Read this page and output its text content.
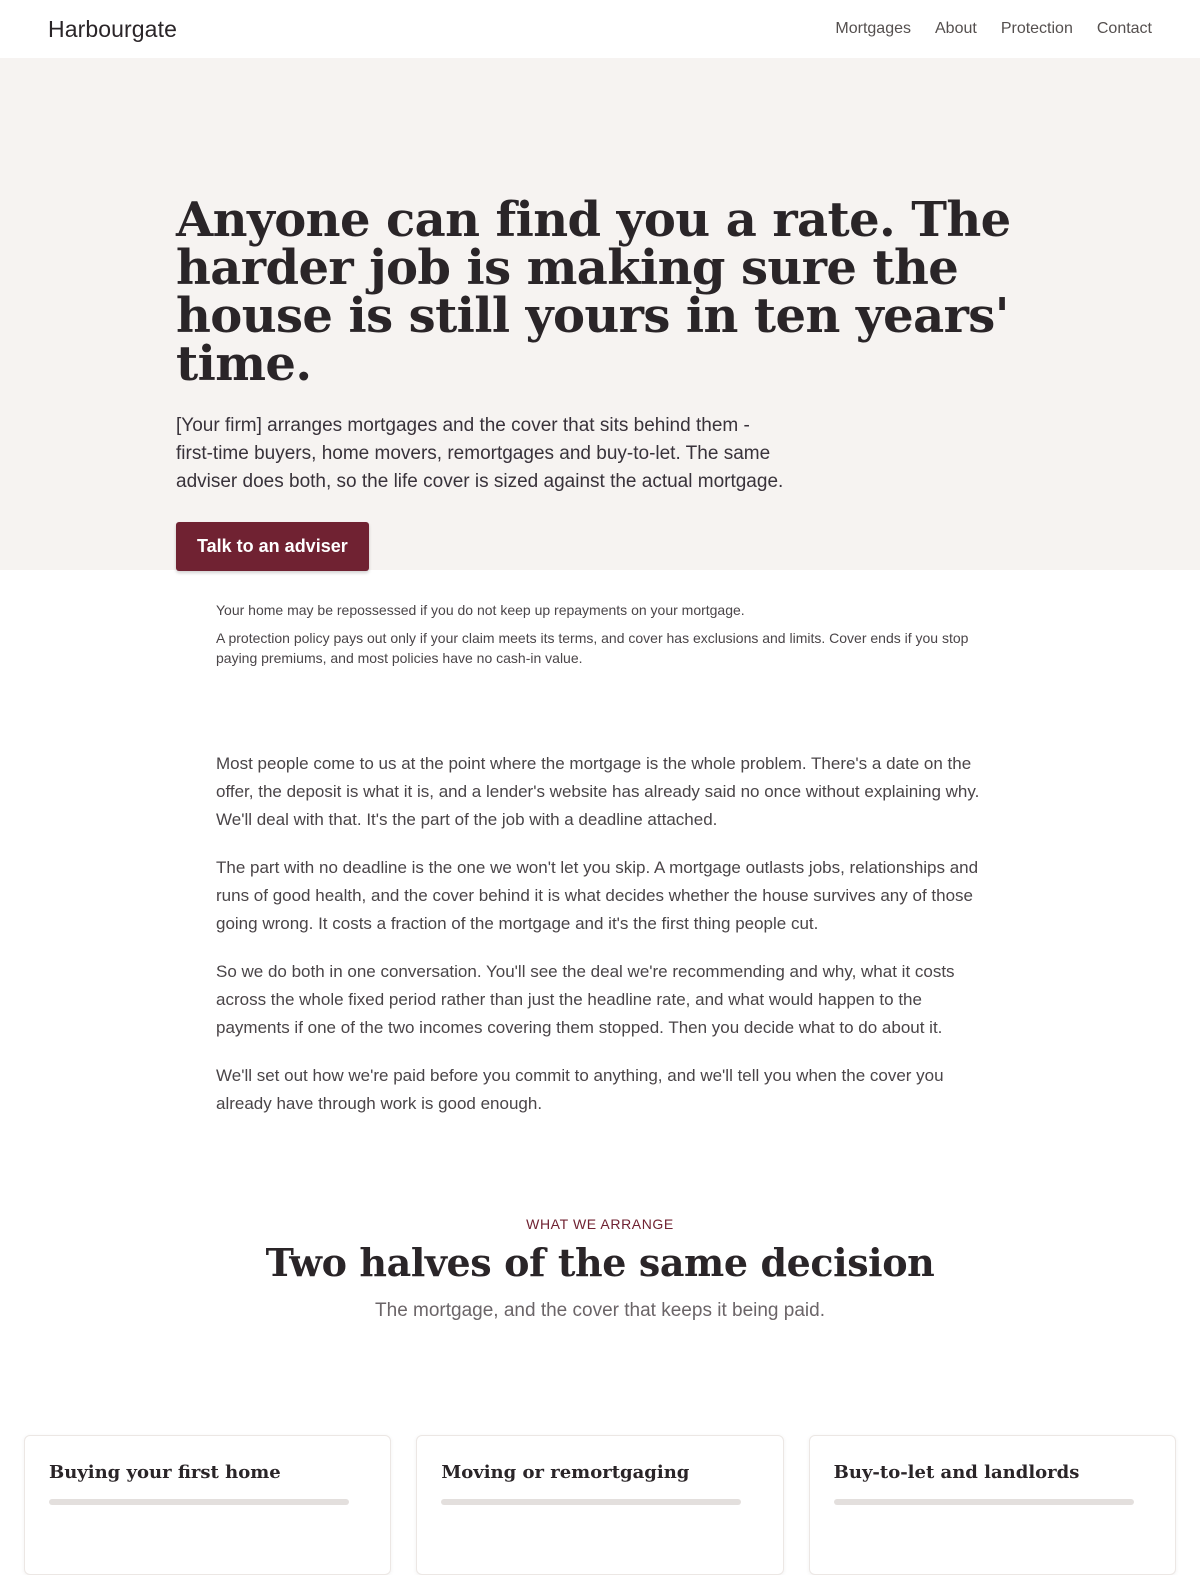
Harbourgate	Mortgages About Protection Contact
Anyone can find you a rate. The harder job is making sure the house is still yours in ten years' time.

[Your firm] arranges mortgages and the cover that sits behind them - first-time buyers, home movers, remortgages and buy-to-let. The same adviser does both, so the life cover is sized against the actual mortgage.

Talk to an adviser

Your home may be repossessed if you do not keep up repayments on your mortgage.

A protection policy pays out only if your claim meets its terms, and cover has exclusions and limits. Cover ends if you stop paying premiums, and most policies have no cash-in value.

Most people come to us at the point where the mortgage is the whole problem. There's a date on the offer, the deposit is what it is, and a lender's website has already said no once without explaining why. We'll deal with that. It's the part of the job with a deadline attached.

The part with no deadline is the one we won't let you skip. A mortgage outlasts jobs, relationships and runs of good health, and the cover behind it is what decides whether the house survives any of those going wrong. It costs a fraction of the mortgage and it's the first thing people cut.

So we do both in one conversation. You'll see the deal we're recommending and why, what it costs across the whole fixed period rather than just the headline rate, and what would happen to the payments if one of the two incomes covering them stopped. Then you decide what to do about it.

We'll set out how we're paid before you commit to anything, and we'll tell you when the cover you already have through work is good enough.

WHAT WE ARRANGE
Two halves of the same decision
The mortgage, and the cover that keeps it being paid.
Buying your first home	Moving or remortgaging	Buy-to-let and landlords
